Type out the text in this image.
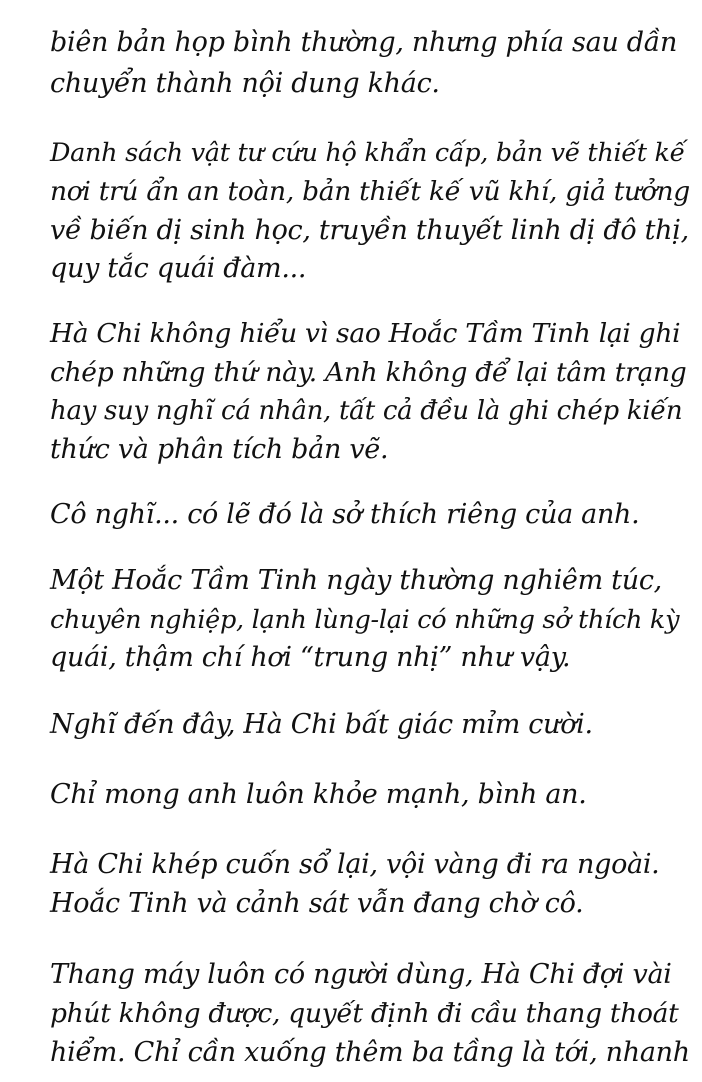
biên bản họp bình thường, nhưng phía sau dần
chuyển thành nội dung khác.
Danh sách vật tư cứu hộ khẩn cấp, bản vẽ thiết kế
nơi trú ẩn an toàn, bản thiết kế vũ khí, giả tưởng
về biến dị sinh học, truyền thuyết linh dị đô thị,
quy tắc quái đàm...
Hà Chi không hiểu vì sao Hoắc Tầm Tinh lại ghi
chép những thứ này. Anh không để lại tâm trạng
hay suy nghĩ cá nhân, tất cả đều là ghi chép kiến
thức và phân tích bản vẽ.
Cô nghĩ... có lẽ đó là sở thích riêng của anh.
Một Hoắc Tầm Tinh ngày thường nghiêm túc,
chuyên nghiệp, lạnh lùng-lại có những sở thích kỳ
quái, thậm chí hơi “trung nhị” như vậy.
Nghĩ đến đây, Hà Chi bất giác mỉm cười.
Chỉ mong anh luôn khỏe mạnh, bình an.
Hà Chi khép cuốn sổ lại, vội vàng đi ra ngoài.
Hoắc Tinh và cảnh sát vẫn đang chờ cô.
Thang máy luôn có người dùng, Hà Chi đợi vài
phút không được, quyết định đi cầu thang thoát
hiểm. Chỉ cần xuống thêm ba tầng là tới, nhanh
